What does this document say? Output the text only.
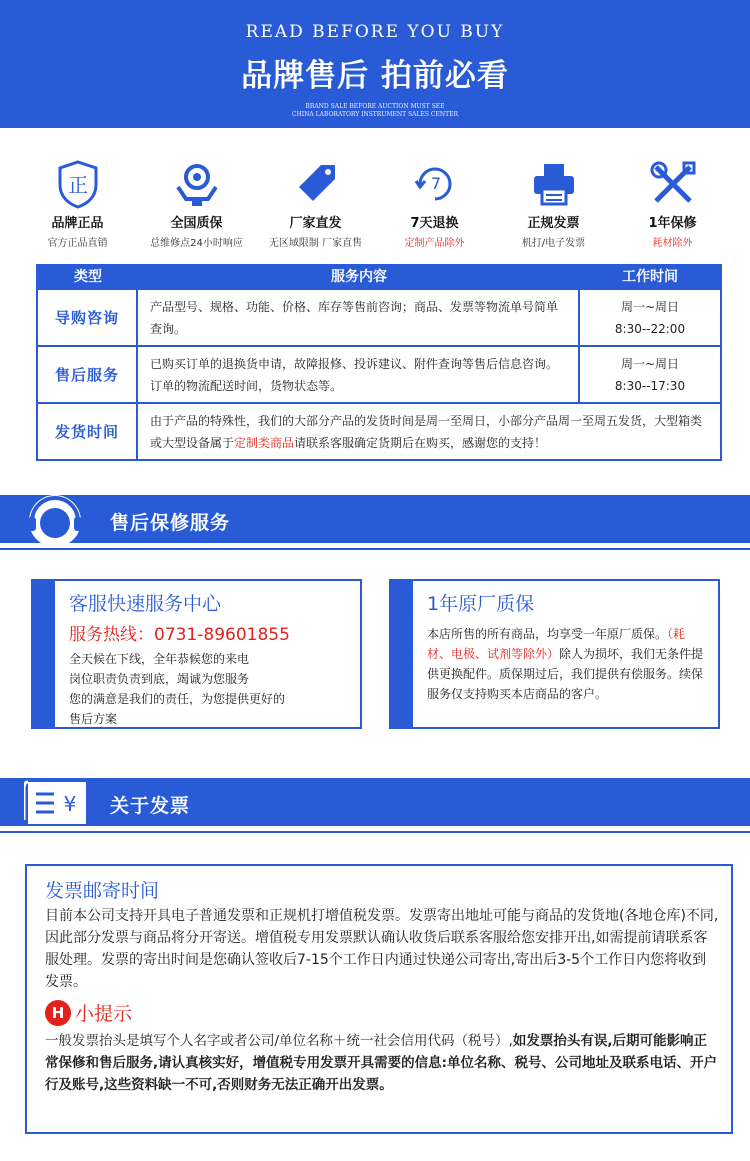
READ BEFORE YOU BUY
品牌售后 拍前必看
BRAND SALE BEFORE AUCTION MUST SEE
CHINA LABORATORY INSTRUMENT SALES CENTER
正
品牌正品
官方正品直销
全国质保
总维修点24小时响应
厂家直发
无区域限制 厂家直售
7
7天退换
定制产品除外
正规发票
机打/电子发票
1年保修
耗材除外
类型	服务内容	工作时间
导购咨询
产品型号、规格、功能、价格、库存等售前咨询；商品、发票等物流单号简单查询。
周一~周日
8:30--22:00
售后服务
已购买订单的退换货申请，故障报修、投诉建议、附件查询等售后信息咨询。订单的物流配送时间，货物状态等。
周一~周日
8:30--17:30
发货时间
由于产品的特殊性，我们的大部分产品的发货时间是周一至周日，小部分产品周一至周五发货，大型箱类或大型设备属于定制类商品请联系客服确定货期后在购买，感谢您的支持！
售后保修服务
客服快速服务中心
服务热线：0731-89601855

全天候在下线，全年恭候您的来电
岗位职责负责到底，竭诚为您服务
您的满意是我们的责任，为您提供更好的
售后方案

1年原厂质保

本店所售的所有商品，均享受一年原厂质保。（耗材、电极、试剂等除外）除人为损坏，我们无条件提供更换配件。质保期过后，我们提供有偿服务。续保服务仅支持购买本店商品的客户。

¥ 关于发票
发票邮寄时间

目前本公司支持开具电子普通发票和正规机打增值税发票。发票寄出地址可能与商品的发货地(各地仓库)不同,因此部分发票与商品将分开寄送。增值税专用发票默认确认收货后联系客服给您安排开出,如需提前请联系客服处理。发票的寄出时间是您确认签收后7-15个工作日内通过快递公司寄出,寄出后3-5个工作日内您将收到发票。

H 小提示
一般发票抬头是填写个人名字或者公司/单位名称＋统一社会信用代码（税号）,如发票抬头有误,后期可能影响正常保修和售后服务,请认真核实好，增值税专用发票开具需要的信息:单位名称、税号、公司地址及联系电话、开户行及账号,这些资料缺一不可,否则财务无法正确开出发票。
